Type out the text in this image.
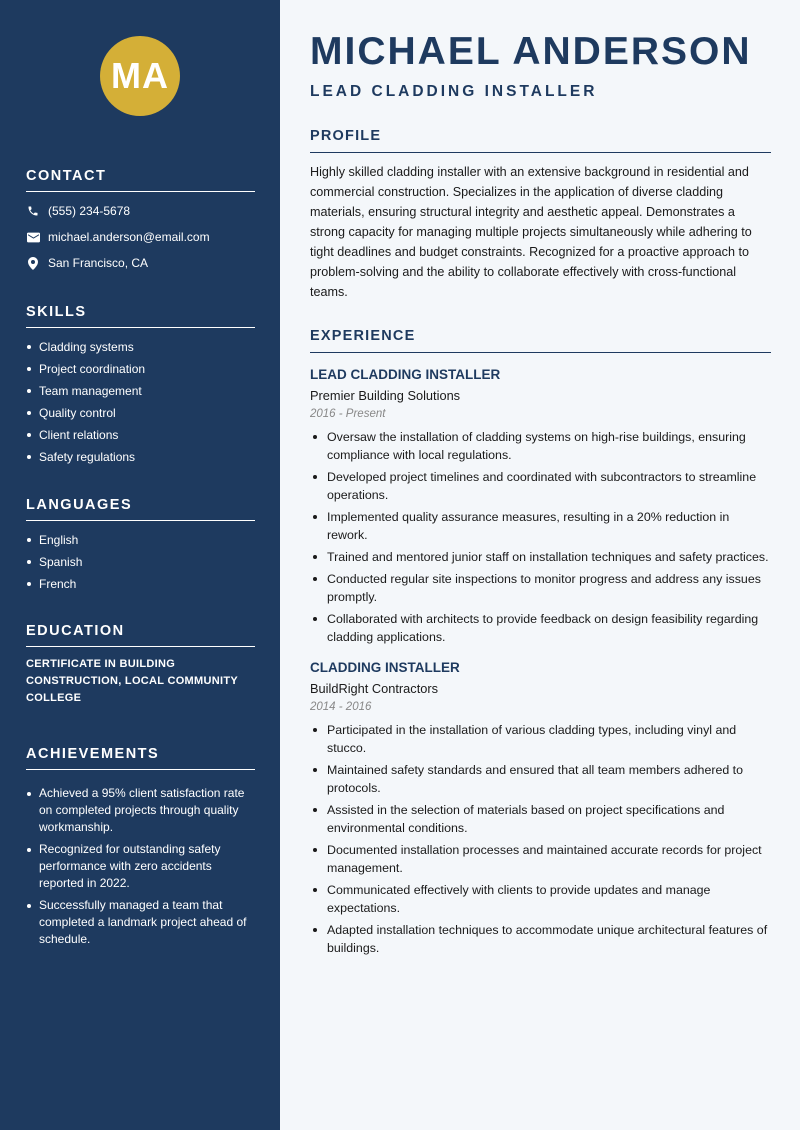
MA
CONTACT
(555) 234-5678
michael.anderson@email.com
San Francisco, CA
SKILLS
Cladding systems
Project coordination
Team management
Quality control
Client relations
Safety regulations
LANGUAGES
English
Spanish
French
EDUCATION
CERTIFICATE IN BUILDING CONSTRUCTION, LOCAL COMMUNITY COLLEGE
ACHIEVEMENTS
Achieved a 95% client satisfaction rate on completed projects through quality workmanship.
Recognized for outstanding safety performance with zero accidents reported in 2022.
Successfully managed a team that completed a landmark project ahead of schedule.
MICHAEL ANDERSON
LEAD CLADDING INSTALLER
PROFILE

Highly skilled cladding installer with an extensive background in residential and commercial construction. Specializes in the application of diverse cladding materials, ensuring structural integrity and aesthetic appeal. Demonstrates a strong capacity for managing multiple projects simultaneously while adhering to tight deadlines and budget constraints. Recognized for a proactive approach to problem-solving and the ability to collaborate effectively with cross-functional teams.

EXPERIENCE
LEAD CLADDING INSTALLER
Premier Building Solutions
2016 - Present
Oversaw the installation of cladding systems on high-rise buildings, ensuring compliance with local regulations.
Developed project timelines and coordinated with subcontractors to streamline operations.
Implemented quality assurance measures, resulting in a 20% reduction in rework.
Trained and mentored junior staff on installation techniques and safety practices.
Conducted regular site inspections to monitor progress and address any issues promptly.
Collaborated with architects to provide feedback on design feasibility regarding cladding applications.
CLADDING INSTALLER
BuildRight Contractors
2014 - 2016
Participated in the installation of various cladding types, including vinyl and stucco.
Maintained safety standards and ensured that all team members adhered to protocols.
Assisted in the selection of materials based on project specifications and environmental conditions.
Documented installation processes and maintained accurate records for project management.
Communicated effectively with clients to provide updates and manage expectations.
Adapted installation techniques to accommodate unique architectural features of buildings.
